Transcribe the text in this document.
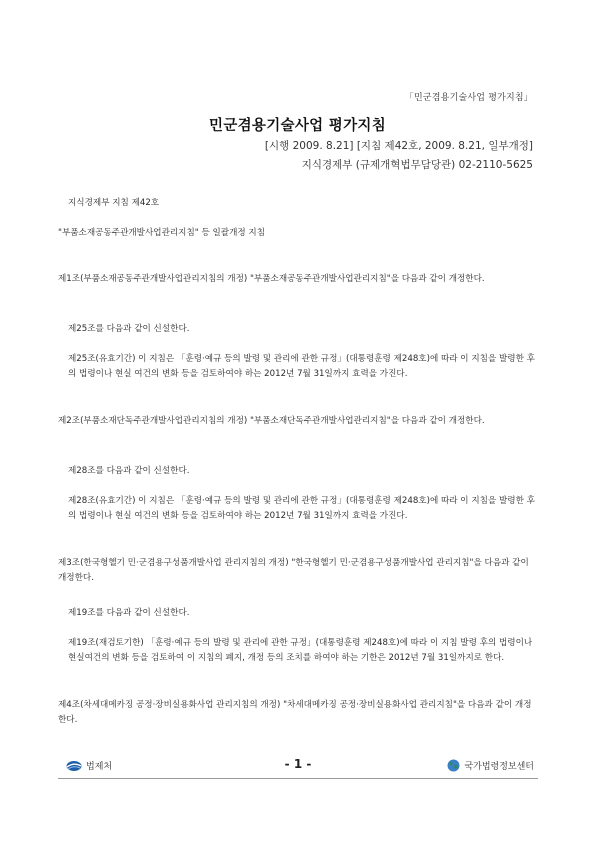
「민군겸용기술사업 평가지침」
민군겸용기술사업 평가지침
[시행 2009. 8.21] [지침 제42호, 2009. 8.21, 일부개정]
지식경제부 (규제개혁법무담당관) 02-2110-5625
지식경제부 지침 제42호
"부품소재공동주관개발사업관리지침" 등 일괄개정 지침
제1조(부품소재공동주관개발사업관리지침의 개정) "부품소재공동주관개발사업관리지침"을 다음과 같이 개정한다.
제25조를 다음과 같이 신설한다.
제25조(유효기간) 이 지침은 「훈령·예규 등의 발령 및 관리에 관한 규정」(대통령훈령 제248호)에 따라 이 지침을 발령한 후의 법령이나 현실 여건의 변화 등을 검토하여야 하는 2012년 7월 31일까지 효력을 가진다.
제2조(부품소재단독주관개발사업관리지침의 개정) "부품소재단독주관개발사업관리지침"을 다음과 같이 개정한다.
제28조를 다음과 같이 신설한다.
제28조(유효기간) 이 지침은 「훈령·예규 등의 발령 및 관리에 관한 규정」(대통령훈령 제248호)에 따라 이 지침을 발령한 후의 법령이나 현실 여건의 변화 등을 검토하여야 하는 2012년 7월 31일까지 효력을 가진다.
제3조(한국형헬기 민·군겸용구성품개발사업 관리지침의 개정) "한국형헬기 민·군겸용구성품개발사업 관리지침"을 다음과 같이 개정한다.
제19조를 다음과 같이 신설한다.
제19조(재검토기한) 「훈령·예규 등의 발령 및 관리에 관한 규정」(대통령훈령 제248호)에 따라 이 지침 발령 후의 법령이나 현실여건의 변화 등을 검토하여 이 지침의 폐지, 개정 등의 조치를 하여야 하는 기한은 2012년 7월 31일까지로 한다.
제4조(차세대메카징 공정·장비실용화사업 관리지침의 개정) "차세대메카징 공정·장비실용화사업 관리지침"을 다음과 같이 개정한다.
법제처	- 1 -	국가법령정보센터
